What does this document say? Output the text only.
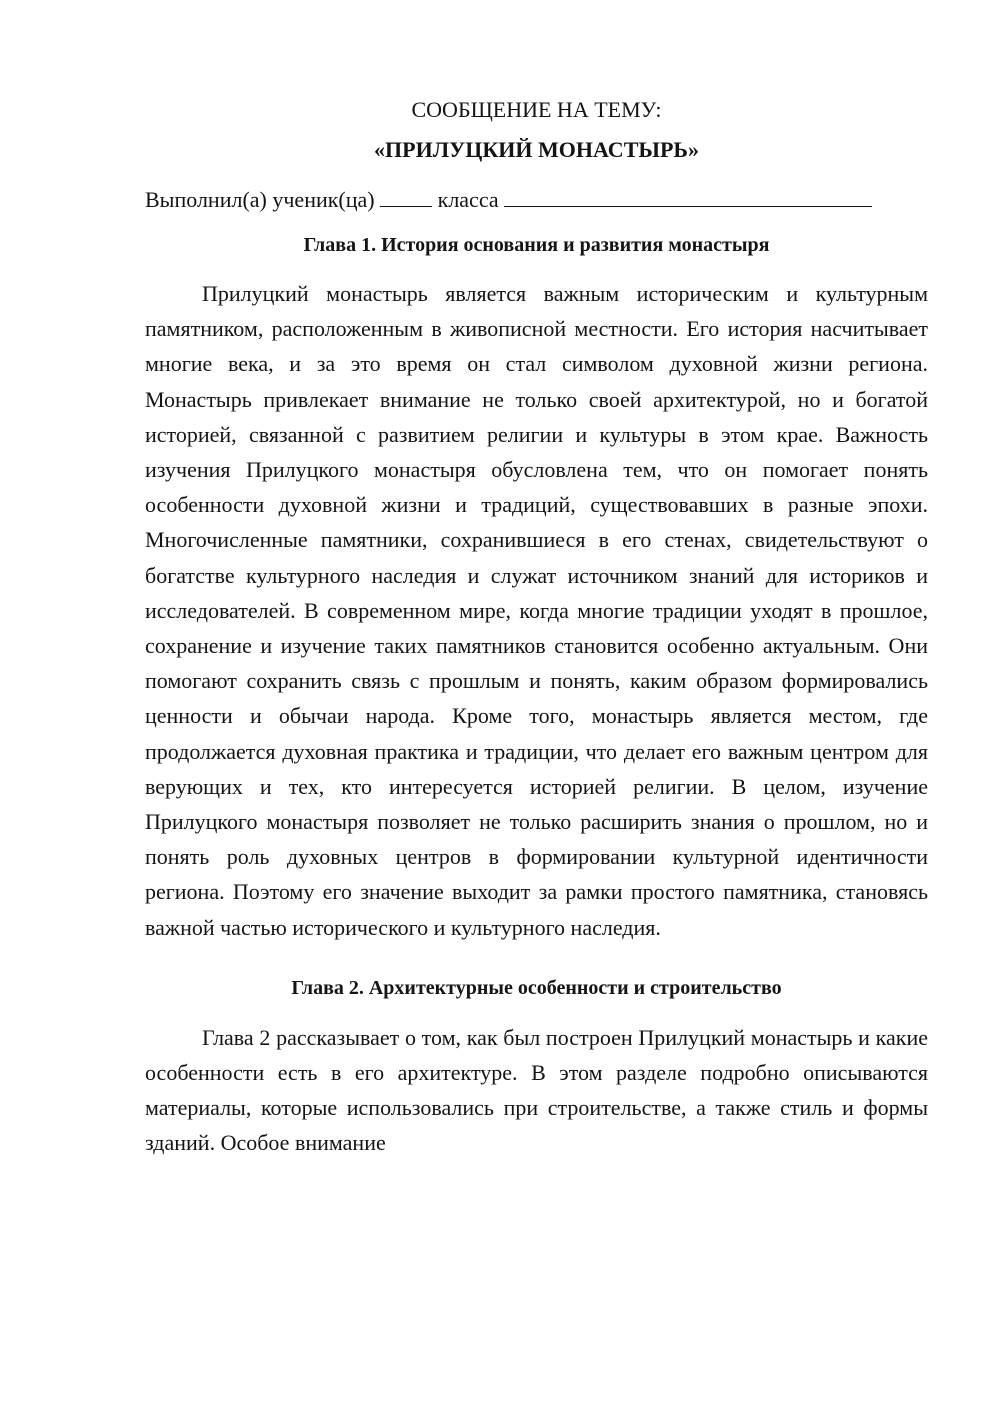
СООБЩЕНИЕ НА ТЕМУ:
«ПРИЛУЦКИЙ МОНАСТЫРЬ»
Выполнил(а) ученик(ца)	класса
Глава 1. История основания и развития монастыря

Прилуцкий монастырь является важным историческим и культурным памятником, расположенным в живописной местности. Его история насчитывает многие века, и за это время он стал символом духовной жизни региона. Монастырь привлекает внимание не только своей архитектурой, но и богатой историей, связанной с развитием религии и культуры в этом крае. Важность изучения Прилуцкого монастыря обусловлена тем, что он помогает понять особенности духовной жизни и традиций, существовавших в разные эпохи. Многочисленные памятники, сохранившиеся в его стенах, свидетельствуют о богатстве культурного наследия и служат источником знаний для историков и исследователей. В современном мире, когда многие традиции уходят в прошлое, сохранение и изучение таких памятников становится особенно актуальным. Они помогают сохранить связь с прошлым и понять, каким образом формировались ценности и обычаи народа. Кроме того, монастырь является местом, где продолжается духовная практика и традиции, что делает его важным центром для верующих и тех, кто интересуется историей религии. В целом, изучение Прилуцкого монастыря позволяет не только расширить знания о прошлом, но и понять роль духовных центров в формировании культурной идентичности региона. Поэтому его значение выходит за рамки простого памятника, становясь важной частью исторического и культурного наследия.

Глава 2. Архитектурные особенности и строительство

Глава 2 рассказывает о том, как был построен Прилуцкий монастырь и какие особенности есть в его архитектуре. В этом разделе подробно описываются материалы, которые использовались при строительстве, а также стиль и формы зданий. Особое внимание
